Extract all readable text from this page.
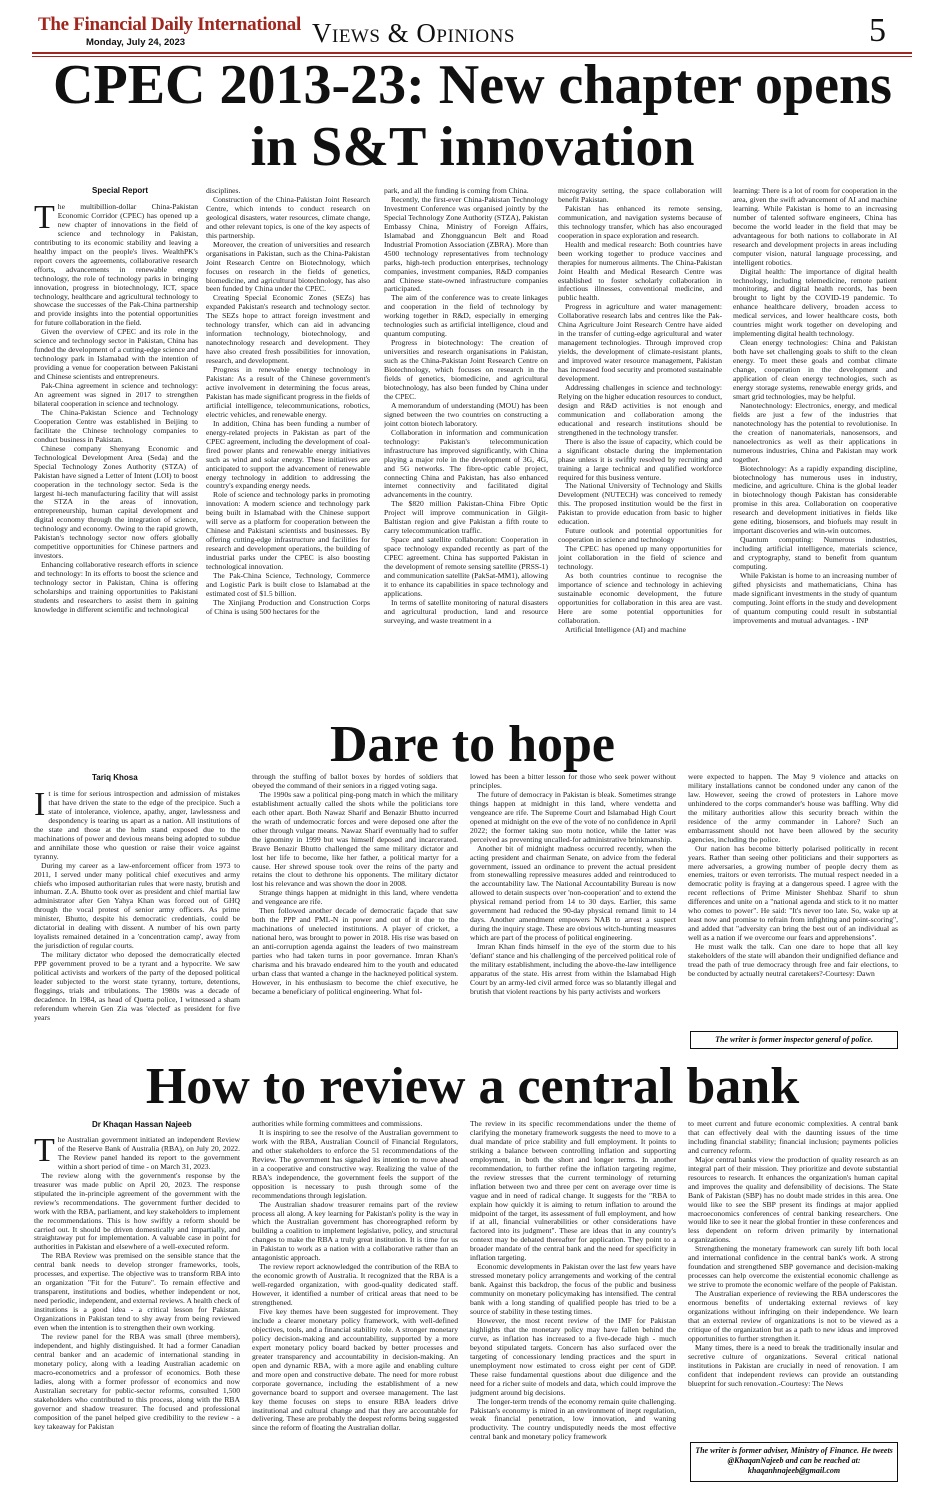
The Financial Daily International
Monday, July 24, 2023	Views & Opinions	5
CPEC 2013-23: New chapter opens
in S&T innovation
Special Report

The multibillion-dollar China-Pakistan Economic Corridor (CPEC) has opened up a new chapter of innovations in the field of science and technology in Pakistan, contributing to its economic stability and leaving a healthy impact on the people's lives. WealthPK's report covers the agreements, collaborative research efforts, advancements in renewable energy technology, the role of technology parks in bringing innovation, progress in biotechnology, ICT, space technology, healthcare and agricultural technology to showcase the successes of the Pak-China partnership and provide insights into the potential opportunities for future collaboration in the field.

Given the overview of CPEC and its role in the science and technology sector in Pakistan, China has funded the development of a cutting-edge science and technology park in Islamabad with the intention of providing a venue for cooperation between Pakistani and Chinese scientists and entrepreneurs.

Pak-China agreement in science and technology: An agreement was signed in 2017 to strengthen bilateral cooperation in science and technology.

The China-Pakistan Science and Technology Cooperation Centre was established in Beijing to facilitate the Chinese technology companies to conduct business in Pakistan.

Chinese company Shenyang Economic and Technological Development Area (Seda) and the Special Technology Zones Authority (STZA) of Pakistan have signed a Letter of Intent (LOI) to boost cooperation in the technology sector. Seda is the largest hi-tech manufacturing facility that will assist the STZA in the areas of innovation, entrepreneurship, human capital development and digital economy through the integration of science, technology and economy. Owing to the rapid growth, Pakistan's technology sector now offers globally competitive opportunities for Chinese partners and investors.

Enhancing collaborative research efforts in science and technology: In its efforts to boost the science and technology sector in Pakistan, China is offering scholarships and training opportunities to Pakistani students and researchers to assist them in gaining knowledge in different scientific and technological

disciplines.

Construction of the China-Pakistan Joint Research Centre, which intends to conduct research on geological disasters, water resources, climate change, and other relevant topics, is one of the key aspects of this partnership.

Moreover, the creation of universities and research organisations in Pakistan, such as the China-Pakistan Joint Research Centre on Biotechnology, which focuses on research in the fields of genetics, biomedicine, and agricultural biotechnology, has also been funded by China under the CPEC.

Creating Special Economic Zones (SEZs) has expanded Pakistan's research and technology sector. The SEZs hope to attract foreign investment and technology transfer, which can aid in advancing information technology, biotechnology, and nanotechnology research and development. They have also created fresh possibilities for innovation, research, and development.

Progress in renewable energy technology in Pakistan: As a result of the Chinese government's active involvement in determining the focus areas, Pakistan has made significant progress in the fields of artificial intelligence, telecommunications, robotics, electric vehicles, and renewable energy.

In addition, China has been funding a number of energy-related projects in Pakistan as part of the CPEC agreement, including the development of coal-fired power plants and renewable energy initiatives such as wind and solar energy. These initiatives are anticipated to support the advancement of renewable energy technology in addition to addressing the country's expanding energy needs.

Role of science and technology parks in promoting innovation: A modern science and technology park being built in Islamabad with the Chinese support will serve as a platform for cooperation between the Chinese and Pakistani scientists and businesses. By offering cutting-edge infrastructure and facilities for research and development operations, the building of industrial parks under the CPEC is also boosting technological innovation.

The Pak-China Science, Technology, Commerce and Logistic Park is built close to Islamabad at the estimated cost of $1.5 billion.

The Xinjiang Production and Construction Corps of China is using 500 hectares for the

park, and all the funding is coming from China.

Recently, the first-ever China-Pakistan Technology Investment Conference was organised jointly by the Special Technology Zone Authority (STZA), Pakistan Embassy China, Ministry of Foreign Affairs, Islamabad and Zhongguancun Belt and Road Industrial Promotion Association (ZBRA). More than 4500 technology representatives from technology parks, high-tech production enterprises, technology companies, investment companies, R&D companies and Chinese state-owned infrastructure companies participated.

The aim of the conference was to create linkages and cooperation in the field of technology by working together in R&D, especially in emerging technologies such as artificial intelligence, cloud and quantum computing.

Progress in biotechnology: The creation of universities and research organisations in Pakistan, such as the China-Pakistan Joint Research Centre on Biotechnology, which focuses on research in the fields of genetics, biomedicine, and agricultural biotechnology, has also been funded by China under the CPEC.

A memorandum of understanding (MOU) has been signed between the two countries on constructing a joint cotton biotech laboratory.

Collaboration in information and communication technology: Pakistan's telecommunication infrastructure has improved significantly, with China playing a major role in the development of 3G, 4G, and 5G networks. The fibre-optic cable project, connecting China and Pakistan, has also enhanced internet connectivity and facilitated digital advancements in the country.

The $820 million Pakistan-China Fibre Optic Project will improve communication in Gilgit-Baltistan region and give Pakistan a fifth route to carry telecommunication traffic.

Space and satellite collaboration: Cooperation in space technology expanded recently as part of the CPEC agreement. China has supported Pakistan in the development of remote sensing satellite (PRSS-1) and communication satellite (PakSat-MM1), allowing it to enhance its capabilities in space technology and applications.

In terms of satellite monitoring of natural disasters and agricultural production, land and resource surveying, and waste treatment in a

microgravity setting, the space collaboration will benefit Pakistan.

Pakistan has enhanced its remote sensing, communication, and navigation systems because of this technology transfer, which has also encouraged cooperation in space exploration and research.

Health and medical research: Both countries have been working together to produce vaccines and therapies for numerous ailments. The China-Pakistan Joint Health and Medical Research Centre was established to foster scholarly collaboration in infectious illnesses, conventional medicine, and public health.

Progress in agriculture and water management: Collaborative research labs and centres like the Pak-China Agriculture Joint Research Centre have aided in the transfer of cutting-edge agricultural and water management technologies. Through improved crop yields, the development of climate-resistant plants, and improved water resource management, Pakistan has increased food security and promoted sustainable development.

Addressing challenges in science and technology: Relying on the higher education resources to conduct, design and R&D activities is not enough and communication and collaboration among the educational and research institutions should be strengthened in the technology transfer.

There is also the issue of capacity, which could be a significant obstacle during the implementation phase unless it is swiftly resolved by recruiting and training a large technical and qualified workforce required for this business venture.

The National University of Technology and Skills Development (NUTECH) was conceived to remedy this. The proposed institution would be the first in Pakistan to provide education from basic to higher education.

Future outlook and potential opportunities for cooperation in science and technology

The CPEC has opened up many opportunities for joint collaboration in the field of science and technology.

As both countries continue to recognise the importance of science and technology in achieving sustainable economic development, the future opportunities for collaboration in this area are vast. Here are some potential opportunities for collaboration.

Artificial Intelligence (AI) and machine

learning: There is a lot of room for cooperation in the area, given the swift advancement of AI and machine learning. While Pakistan is home to an increasing number of talented software engineers, China has become the world leader in the field that may be advantageous for both nations to collaborate in AI research and development projects in areas including computer vision, natural language processing, and intelligent robotics.

Digital health: The importance of digital health technology, including telemedicine, remote patient monitoring, and digital health records, has been brought to light by the COVID-19 pandemic. To enhance healthcare delivery, broaden access to medical services, and lower healthcare costs, both countries might work together on developing and implementing digital health technology.

Clean energy technologies: China and Pakistan both have set challenging goals to shift to the clean energy. To meet these goals and combat climate change, cooperation in the development and application of clean energy technologies, such as energy storage systems, renewable energy grids, and smart grid technologies, may be helpful.

Nanotechnology: Electronics, energy, and medical fields are just a few of the industries that nanotechnology has the potential to revolutionise. In the creation of nanomaterials, nanosensors, and nanoelectronics as well as their applications in numerous industries, China and Pakistan may work together.

Biotechnology: As a rapidly expanding discipline, biotechnology has numerous uses in industry, medicine, and agriculture. China is the global leader in biotechnology though Pakistan has considerable promise in this area. Collaboration on cooperative research and development initiatives in fields like gene editing, biosensors, and biofuels may result in important discoveries and win-win outcomes.

Quantum computing: Numerous industries, including artificial intelligence, materials science, and cryptography, stand to benefit from quantum computing.

While Pakistan is home to an increasing number of gifted physicists and mathematicians, China has made significant investments in the study of quantum computing. Joint efforts in the study and development of quantum computing could result in substantial improvements and mutual advantages. - INP

Dare to hope
Tariq Khosa

It is time for serious introspection and admission of mistakes that have driven the state to the edge of the precipice. Such a state of intolerance, violence, apathy, anger, lawlessness and despondency is tearing us apart as a nation. All institutions of the state and those at the helm stand exposed due to the machinations of power and devious means being adopted to subdue and annihilate those who question or raise their voice against tyranny.

During my career as a law-enforcement officer from 1973 to 2011, I served under many political chief executives and army chiefs who imposed authoritarian rules that were nasty, brutish and inhuman. Z.A. Bhutto took over as president and chief martial law administrator after Gen Yahya Khan was forced out of GHQ through the vocal protest of senior army officers. As prime minister, Bhutto, despite his democratic credentials, could be dictatorial in dealing with dissent. A number of his own party loyalists remained detained in a 'concentration camp', away from the jurisdiction of regular courts.

The military dictator who deposed the democratically elected PPP government proved to be a tyrant and a hypocrite. We saw political activists and workers of the party of the deposed political leader subjected to the worst state tyranny, torture, detentions, floggings, trials and tribulations. The 1980s was a decade of decadence. In 1984, as head of Quetta police, I witnessed a sham referendum wherein Gen Zia was 'elected' as president for five years

through the stuffing of ballot boxes by hordes of soldiers that obeyed the command of their seniors in a rigged voting saga.

The 1990s saw a political ping-pong match in which the military establishment actually called the shots while the politicians tore each other apart. Both Nawaz Sharif and Benazir Bhutto incurred the wrath of undemocratic forces and were deposed one after the other through vulgar means. Nawaz Sharif eventually had to suffer the ignominy in 1999 but was himself deposed and incarcerated. Brave Benazir Bhutto challenged the same military dictator and lost her life to become, like her father, a political martyr for a cause. Her shrewd spouse took over the reins of the party and retains the clout to dethrone his opponents. The military dictator lost his relevance and was shown the door in 2008.

Strange things happen at midnight in this land, where vendetta and vengeance are rife.

Then followed another decade of democratic façade that saw both the PPP and PML-N in power and out of it due to the machinations of unelected institutions. A player of cricket, a national hero, was brought to power in 2018. His rise was based on an anti-corruption agenda against the leaders of two mainstream parties who had taken turns in poor governance. Imran Khan's charisma and his bravado endeared him to the youth and educated urban class that wanted a change in the hackneyed political system. However, in his enthusiasm to become the chief executive, he became a beneficiary of political engineering. What fol-

lowed has been a bitter lesson for those who seek power without principles.

The future of democracy in Pakistan is bleak. Sometimes strange things happen at midnight in this land, where vendetta and vengeance are rife. The Supreme Court and Islamabad High Court opened at midnight on the eve of the vote of no confidence in April 2022; the former taking suo motu notice, while the latter was perceived as preventing uncalled-for administrative brinkmanship.

Another bit of midnight madness occurred recently, when the acting president and chairman Senate, on advice from the federal government, issued an ordinance to prevent the actual president from stonewalling repressive measures added and reintroduced to the accountability law. The National Accountability Bureau is now allowed to detain suspects over 'non-cooperation' and to extend the physical remand period from 14 to 30 days. Earlier, this same government had reduced the 90-day physical remand limit to 14 days. Another amendment empowers NAB to arrest a suspect during the inquiry stage. These are obvious witch-hunting measures which are part of the process of political engineering.

Imran Khan finds himself in the eye of the storm due to his 'defiant' stance and his challenging of the perceived political role of the military establishment, including the above-the-law intelligence apparatus of the state. His arrest from within the Islamabad High Court by an army-led civil armed force was so blatantly illegal and brutish that violent reactions by his party activists and workers

were expected to happen. The May 9 violence and attacks on military installations cannot be condoned under any canon of the law. However, seeing the crowd of protesters in Lahore move unhindered to the corps commander's house was baffling. Why did the military authorities allow this security breach within the residence of the army commander in Lahore? Such an embarrassment should not have been allowed by the security agencies, including the police.

Our nation has become bitterly polarised politically in recent years. Rather than seeing other politicians and their supporters as mere adversaries, a growing number of people decry them as enemies, traitors or even terrorists. The mutual respect needed in a democratic polity is fraying at a dangerous speed. I agree with the recent reflections of Prime Minister Shehbaz Sharif to shun differences and unite on a "national agenda and stick to it no matter who comes to power". He said: "It's never too late. So, wake up at least now and promise to refrain from infighting and point-scoring", and added that "adversity can bring the best out of an individual as well as a nation if we overcome our fears and apprehensions".

He must walk the talk. Can one dare to hope that all key stakeholders of the state will abandon their undignified defiance and tread the path of true democracy through free and fair elections, to be conducted by actually neutral caretakers?-Courtesy: Dawn

The writer is former inspector general of police.
How to review a central bank
Dr Khaqan Hassan Najeeb

The Australian government initiated an independent Review of the Reserve Bank of Australia (RBA), on July 20, 2022. The Review panel handed its report to the government within a short period of time - on March 31, 2023.

The review along with the government's response by the treasurer was made public on April 20, 2023. The response stipulated the in-principle agreement of the government with the review's recommendations. The government further decided to work with the RBA, parliament, and key stakeholders to implement the recommendations. This is how swiftly a reform should be carried out. It should be driven domestically and impartially, and straightaway put for implementation. A valuable case in point for authorities in Pakistan and elsewhere of a well-executed reform.

The RBA Review was premised on the sensible stance that the central bank needs to develop stronger frameworks, tools, processes, and expertise. The objective was to transform RBA into an organization "Fit for the Future". To remain effective and transparent, institutions and bodies, whether independent or not, need periodic, independent, and external reviews. A health check of institutions is a good idea - a critical lesson for Pakistan. Organizations in Pakistan tend to shy away from being reviewed even when the intention is to strengthen their own working.

The review panel for the RBA was small (three members), independent, and highly distinguished. It had a former Canadian central banker and an academic of international standing in monetary policy, along with a leading Australian academic on macro-econometrics and a professor of economics. Both these ladies, along with a former professor of economics and now Australian secretary for public-sector reforms, consulted 1,500 stakeholders who contributed to this process, along with the RBA governor and shadow treasurer. The focused and professional composition of the panel helped give credibility to the review - a key takeaway for Pakistan

authorities while forming committees and commissions.

It is inspiring to see the resolve of the Australian government to work with the RBA, Australian Council of Financial Regulators, and other stakeholders to enforce the 51 recommendations of the Review. The government has signaled its intention to move ahead in a cooperative and constructive way. Realizing the value of the RBA's independence, the government feels the support of the opposition is necessary to push through some of the recommendations through legislation.

The Australian shadow treasurer remains part of the review process all along. A key learning for Pakistan's polity is the way in which the Australian government has choreographed reform by building a coalition to implement legislative, policy, and structural changes to make the RBA a truly great institution. It is time for us in Pakistan to work as a nation with a collaborative rather than an antagonistic approach.

The review report acknowledged the contribution of the RBA to the economic growth of Australia. It recognized that the RBA is a well-regarded organization, with good-quality dedicated staff. However, it identified a number of critical areas that need to be strengthened.

Five key themes have been suggested for improvement. They include a clearer monetary policy framework, with well-defined objectives, tools, and a financial stability role. A stronger monetary policy decision-making and accountability, supported by a more expert monetary policy board backed by better processes and greater transparency and accountability in decision-making. An open and dynamic RBA, with a more agile and enabling culture and more open and constructive debate. The need for more robust corporate governance, including the establishment of a new governance board to support and oversee management. The last key theme focuses on steps to ensure RBA leaders drive institutional and cultural change and that they are accountable for delivering. These are probably the deepest reforms being suggested since the reform of floating the Australian dollar.

The review in its specific recommendations under the theme of clarifying the monetary framework suggests the need to move to a dual mandate of price stability and full employment. It points to striking a balance between controlling inflation and supporting employment, in both the short and longer terms. In another recommendation, to further refine the inflation targeting regime, the review stresses that the current terminology of returning inflation between two and three per cent on average over time is vague and in need of radical change. It suggests for the "RBA to explain how quickly it is aiming to return inflation to around the midpoint of the target, its assessment of full employment, and how if at all, financial vulnerabilities or other considerations have factored into its judgment". These are ideas that in any country's context may be debated thereafter for application. They point to a broader mandate of the central bank and the need for specificity in inflation targeting.

Economic developments in Pakistan over the last few years have stressed monetary policy arrangements and working of the central bank. Against this backdrop, the focus of the public and business community on monetary policymaking has intensified. The central bank with a long standing of qualified people has tried to be a source of stability in these testing times.

However, the most recent review of the IMF for Pakistan highlights that the monetary policy may have fallen behind the curve, as inflation has increased to a five-decade high - much beyond stipulated targets. Concern has also surfaced over the targeting of concessionary lending practices and the spurt in unemployment now estimated to cross eight per cent of GDP. These raise fundamental questions about due diligence and the need for a richer suite of models and data, which could improve the judgment around big decisions.

The longer-term trends of the economy remain quite challenging. Pakistan's economy is mired in an environment of inept regulation, weak financial penetration, low innovation, and waning productivity. The country undisputedly needs the most effective central bank and monetary policy framework

to meet current and future economic complexities. A central bank that can effectively deal with the daunting issues of the time including financial stability; financial inclusion; payments policies and currency reform.

Major central banks view the production of quality research as an integral part of their mission. They prioritize and devote substantial resources to research. It enhances the organization's human capital and improves the quality and defensibility of decisions. The State Bank of Pakistan (SBP) has no doubt made strides in this area. One would like to see the SBP present its findings at major applied macroeconomics conferences of central banking researchers. One would like to see it near the global frontier in these conferences and less dependent on reform driven primarily by international organizations.

Strengthening the monetary framework can surely lift both local and international confidence in the central bank's work. A strong foundation and strengthened SBP governance and decision-making processes can help overcome the existential economic challenge as we strive to promote the economic welfare of the people of Pakistan.

The Australian experience of reviewing the RBA underscores the enormous benefits of undertaking external reviews of key organizations without infringing on their independence. We learn that an external review of organizations is not to be viewed as a critique of the organization but as a path to new ideas and improved opportunities to further strengthen it.

Many times, there is a need to break the traditionally insular and secretive culture of organizations. Several critical national institutions in Pakistan are crucially in need of renovation. I am confident that independent reviews can provide an outstanding blueprint for such renovation.-Courtesy: The News

The writer is former adviser, Ministry of Finance. He tweets @KhaqanNajeeb and can be reached at: khaqanhnajeeb@gmail.com
